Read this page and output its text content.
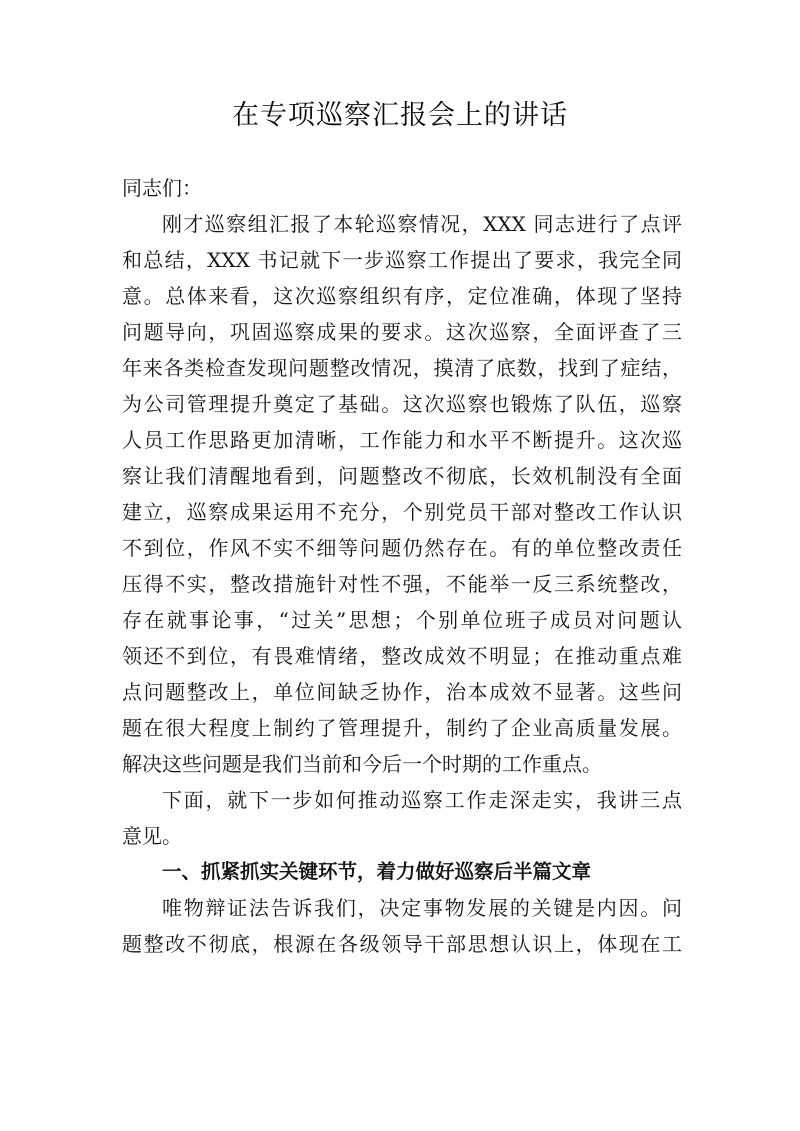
在专项巡察汇报会上的讲话
同志们：
刚才巡察组汇报了本轮巡察情况，XXX 同志进行了点评
和总结，XXX 书记就下一步巡察工作提出了要求，我完全同
意。总体来看，这次巡察组织有序，定位准确，体现了坚持
问题导向，巩固巡察成果的要求。这次巡察，全面评查了三
年来各类检查发现问题整改情况，摸清了底数，找到了症结，
为公司管理提升奠定了基础。这次巡察也锻炼了队伍，巡察
人员工作思路更加清晰，工作能力和水平不断提升。这次巡
察让我们清醒地看到，问题整改不彻底，长效机制没有全面
建立，巡察成果运用不充分，个别党员干部对整改工作认识
不到位，作风不实不细等问题仍然存在。有的单位整改责任
压得不实，整改措施针对性不强，不能举一反三系统整改，
存在就事论事，“过关”思想；个别单位班子成员对问题认
领还不到位，有畏难情绪，整改成效不明显；在推动重点难
点问题整改上，单位间缺乏协作，治本成效不显著。这些问
题在很大程度上制约了管理提升，制约了企业高质量发展。
解决这些问题是我们当前和今后一个时期的工作重点。
下面，就下一步如何推动巡察工作走深走实，我讲三点
意见。
一、抓紧抓实关键环节，着力做好巡察后半篇文章
唯物辩证法告诉我们，决定事物发展的关键是内因。问
题整改不彻底，根源在各级领导干部思想认识上，体现在工
